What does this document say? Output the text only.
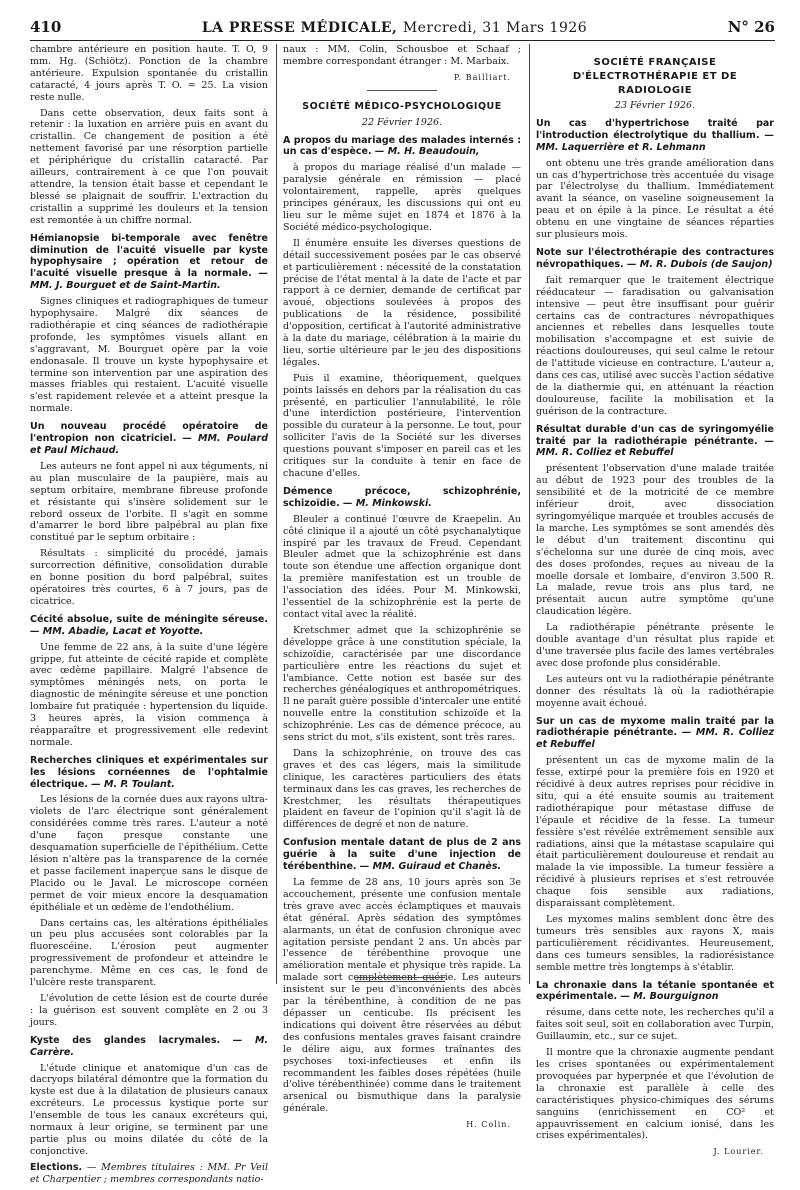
410	LA PRESSE MÉDICALE, Mercredi, 31 Mars 1926	N° 26

chambre antérieure en position haute. T. O, 9 mm. Hg. (Schiötz). Ponction de la chambre antérieure. Expulsion spontanée du cristallin cataracté, 4 jours après T. O. = 25. La vision reste nulle.

Dans cette observation, deux faits sont à retenir : la luxation en arrière puis en avant du cristallin. Ce changement de position a été nettement favorisé par une résorption partielle et périphérique du cristallin cataracté. Par ailleurs, contrairement à ce que l'on pouvait attendre, la tension était basse et cependant le blessé se plaignait de souffrir. L'extraction du cristallin a supprimé les douleurs et la tension est remontée à un chiffre normal.

Hémianopsie bi-temporale avec fenêtre diminution de l'acuité visuelle par kyste hypophysaire ; opération et retour de l'acuité visuelle presque à la normale. — MM. J. Bourguet et de Saint-Martin.

Signes cliniques et radiographiques de tumeur hypophysaire. Malgré dix séances de radiothérapie et cinq séances de radiothérapie profonde, les symptômes visuels allant en s'aggravant, M. Bourguet opère par la voie endonasale. Il trouve un kyste hypophysaire et termine son intervention par une aspiration des masses friables qui restaient. L'acuité visuelle s'est rapidement relevée et a atteint presque la normale.

Un nouveau procédé opératoire de l'entropion non cicatriciel. — MM. Poulard et Paul Michaud.

Les auteurs ne font appel ni aux téguments, ni au plan musculaire de la paupière, mais au septum orbitaire, membrane fibreuse profonde et résistante qui s'insère solidement sur le rebord osseux de l'orbite. Il s'agit en somme d'amarrer le bord libre palpébral au plan fixe constitué par le septum orbitaire :

Résultats : simplicité du procédé, jamais surcorrection définitive, consolidation durable en bonne position du bord palpébral, suites opératoires très courtes, 6 à 7 jours, pas de cicatrice.

Cécité absolue, suite de méningite séreuse. — MM. Abadie, Lacat et Yoyotte.

Une femme de 22 ans, à la suite d'une légère grippe, fut atteinte de cécité rapide et complète avec œdème papillaire. Malgré l'absence de symptômes méningés nets, on porta le diagnostic de méningite séreuse et une ponction lombaire fut pratiquée : hypertension du liquide. 3 heures après, la vision commença à réapparaître et progressivement elle redevint normale.

Recherches cliniques et expérimentales sur les lésions cornéennes de l'ophtalmie électrique. — M. P. Toulant.

Les lésions de la cornée dues aux rayons ultra-violets de l'arc électrique sont généralement considérées comme très rares. L'auteur a noté d'une façon presque constante une desquamation superficielle de l'épithélium. Cette lésion n'altère pas la transparence de la cornée et passe facilement inaperçue sans le disque de Placido ou le Javal. Le microscope cornéen permet de voir mieux encore la desquamation épithéliale et un œdème de l'endothélium.

Dans certains cas, les altérations épithéliales un peu plus accusées sont colorables par la fluorescéine. L'érosion peut augmenter progressivement de profondeur et atteindre le parenchyme. Même en ces cas, le fond de l'ulcère reste transparent.

L'évolution de cette lésion est de courte durée : la guérison est souvent complète en 2 ou 3 jours.

Kyste des glandes lacrymales. — M. Carrère.

L'étude clinique et anatomique d'un cas de dacryops bilatéral démontre que la formation du kyste est due à la dilatation de plusieurs canaux excréteurs. Le processus kystique porte sur l'ensemble de tous les canaux excréteurs qui, normaux à leur origine, se terminent par une partie plus ou moins dilatée du côté de la conjonctive.

Elections. — Membres titulaires : MM. Pr Veil et Charpentier ; membres correspondants natio-

naux : MM. Colin, Schousboe et Schaaf ; membre correspondant étranger : M. Marbaix.

P. Bailliart.
SOCIÉTÉ MÉDICO-PSYCHOLOGIQUE
22 Février 1926.

A propos du mariage des malades internés : un cas d'espèce. — M. H. Beaudouin,

à propos du mariage réalisé d'un malade — paralysie générale en rémission — placé volontairement, rappelle, après quelques principes généraux, les discussions qui ont eu lieu sur le même sujet en 1874 et 1876 à la Société médico-psychologique.

Il énumère ensuite les diverses questions de détail successivement posées par le cas observé et particulièrement : nécessité de la constatation précise de l'état mental à la date de l'acte et par rapport à ce dernier, demande de certificat par avoué, objections soulevées à propos des publications de la résidence, possibilité d'opposition, certificat à l'autorité administrative à la date du mariage, célébration à la mairie du lieu, sortie ultérieure par le jeu des dispositions légales.

Puis il examine, théoriquement, quelques points laissés en dehors par la réalisation du cas présenté, en particulier l'annulabilité, le rôle d'une interdiction postérieure, l'intervention possible du curateur à la personne. Le tout, pour solliciter l'avis de la Société sur les diverses questions pouvant s'imposer en pareil cas et les critiques sur la conduite à tenir en face de chacune d'elles.

Démence précoce, schizophrénie, schizoïdie. — M. Minkowski.

Bleuler a continué l'œuvre de Kraepelin. Au côté clinique il a ajouté un côté psychanalytique inspiré par les travaux de Freud. Cependant Bleuler admet que la schizophrénie est dans toute son étendue une affection organique dont la première manifestation est un trouble de l'association des idées. Pour M. Minkowski, l'essentiel de la schizophrénie est la perte de contact vital avec la réalité.

Kretschmer admet que la schizophrénie se développe grâce à une constitution spéciale, la schizoïdie, caractérisée par une discordance particulière entre les réactions du sujet et l'ambiance. Cette notion est basée sur des recherches généalogiques et anthropométriques. Il ne paraît guère possible d'intercaler une entité nouvelle entre la constitution schizoïde et la schizophrénie. Les cas de démence précoce, au sens strict du mot, s'ils existent, sont très rares.

Dans la schizophrénie, on trouve des cas graves et des cas légers, mais la similitude clinique, les caractères particuliers des états terminaux dans les cas graves, les recherches de Krestchmer, les résultats thérapeutiques plaident en faveur de l'opinion qu'il s'agit là de différences de degré et non de nature.

Confusion mentale datant de plus de 2 ans guérie à la suite d'une injection de térébenthine. — MM. Guiraud et Chanès.

La femme de 28 ans, 10 jours après son 3e accouchement, présente une confusion mentale très grave avec accès éclamptiques et mauvais état général. Après sédation des symptômes alarmants, un état de confusion chronique avec agitation persiste pendant 2 ans. Un abcès par l'essence de térébenthine provoque une amélioration mentale et physique très rapide. La malade sort complètement guérie. Les auteurs insistent sur le peu d'inconvénients des abcès par la térébenthine, à condition de ne pas dépasser un centicube. Ils précisent les indications qui doivent être réservées au début des confusions mentales graves faisant craindre le délire aigu, aux formes traînantes des psychoses toxi-infectieuses et enfin ils recommandent les faibles doses répétées (huile d'olive térébenthinée) comme dans le traitement arsenical ou bismuthique dans la paralysie générale.

H. Colin.
SOCIÉTÉ FRANÇAISE
D'ÉLECTROTHÉRAPIE ET DE RADIOLOGIE
23 Février 1926.

Un cas d'hypertrichose traité par l'introduction électrolytique du thallium. — MM. Laquerrière et R. Lehmann

ont obtenu une très grande amélioration dans un cas d'hypertrichose très accentuée du visage par l'électrolyse du thallium. Immédiatement avant la séance, on vaseline soigneusement la peau et on épile à la pince. Le résultat a été obtenu en une vingtaine de séances réparties sur plusieurs mois.

Note sur l'électrothérapie des contractures névropathiques. — M. R. Dubois (de Saujon)

fait remarquer que le traitement électrique rééducateur — faradisation ou galvanisation intensive — peut être insuffisant pour guérir certains cas de contractures névropathiques anciennes et rebelles dans lesquelles toute mobilisation s'accompagne et est suivie de réactions douloureuses, qui seul calme le retour de l'attitude vicieuse en contracture. L'auteur a, dans ces cas, utilisé avec succès l'action sédative de la diathermie qui, en atténuant la réaction douloureuse, facilite la mobilisation et la guérison de la contracture.

Résultat durable d'un cas de syringomyélie traité par la radiothérapie pénétrante. — MM. R. Colliez et Rebuffel

présentent l'observation d'une malade traitée au début de 1923 pour des troubles de la sensibilité et de la motricité de ce membre inférieur droit, avec dissociation syringomyélique marquée et troubles accusés de la marche. Les symptômes se sont amendés dès le début d'un traitement discontinu qui s'échelonna sur une durée de cinq mois, avec des doses profondes, reçues au niveau de la moelle dorsale et lombaire, d'environ 3.500 R. La malade, revue trois ans plus tard, ne présentait aucun autre symptôme qu'une claudication légère.

La radiothérapie pénétrante présente le double avantage d'un résultat plus rapide et d'une traversée plus facile des lames vertébrales avec dose profonde plus considérable.

Les auteurs ont vu la radiothérapie pénétrante donner des résultats là où la radiothérapie moyenne avait échoué.

Sur un cas de myxome malin traité par la radiothérapie pénétrante. — MM. R. Colliez et Rebuffel

présentent un cas de myxome malin de la fesse, extirpé pour la première fois en 1920 et récidivé à deux autres reprises pour récidive in situ, qui a été ensuite soumis au traitement radiothérapique pour métastase diffuse de l'épaule et récidive de la fesse. La tumeur fessière s'est révélée extrêmement sensible aux radiations, ainsi que la métastase scapulaire qui était particulièrement douloureuse et rendait au malade la vie impossible. La tumeur fessière a récidivé à plusieurs reprises et s'est retrouvée chaque fois sensible aux radiations, disparaissant complètement.

Les myxomes malins semblent donc être des tumeurs très sensibles aux rayons X, mais particulièrement récidivantes. Heureusement, dans ces tumeurs sensibles, la radiorésistance semble mettre très longtemps à s'établir.

La chronaxie dans la tétanie spontanée et expérimentale. — M. Bourguignon

résume, dans cette note, les recherches qu'il a faites soit seul, soit en collaboration avec Turpin, Guillaumin, etc., sur ce sujet.

Il montre que la chronaxie augmente pendant les crises spontanées ou expérimentalement provoquées par hyperpnée et que l'évolution de la chronaxie est parallèle à celle des caractéristiques physico-chimiques des sérums sanguins (enrichissement en CO² et appauvrissement en calcium ionisé, dans les crises expérimentales).

J. Lourier.
